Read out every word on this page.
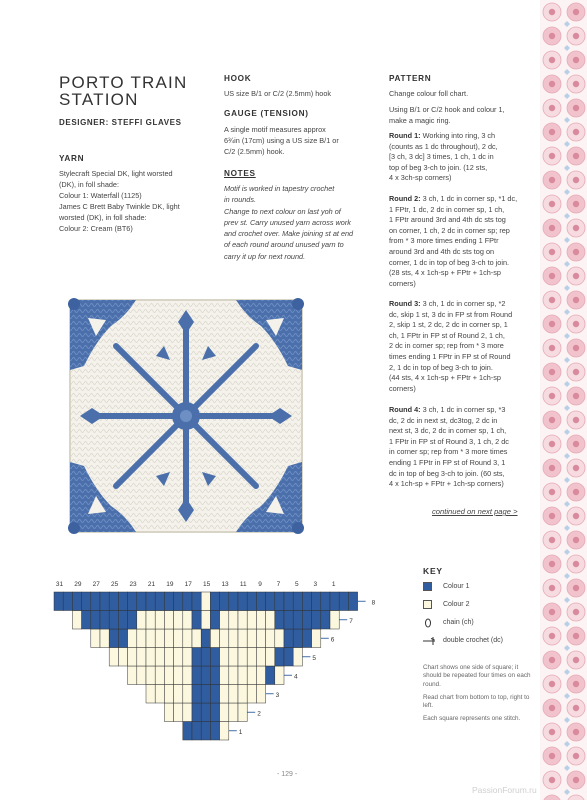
PORTO TRAIN
STATION
DESIGNER: STEFFI GLAVES
YARN
Stylecraft Special DK, light worsted
(DK), in foll shade:
Colour 1: Waterfall (1125)
James C Brett Baby Twinkle DK, light
worsted (DK), in foll shade:
Colour 2: Cream (BT6)
HOOK
US size B/1 or C/2 (2.5mm) hook
GAUGE (TENSION)
A single motif measures approx
6¾in (17cm) using a US size B/1 or
C/2 (2.5mm) hook.
NOTES
Motif is worked in tapestry crochet
in rounds.
Change to next colour on last yoh of
prev st. Carry unused yarn across work
and crochet over. Make joining st at end
of each round around unused yarn to
carry it up for next round.
PATTERN
Change colour foll chart.
Using B/1 or C/2 hook and colour 1,
make a magic ring.
Round 1: Working into ring, 3 ch
(counts as 1 dc throughout), 2 dc,
[3 ch, 3 dc] 3 times, 1 ch, 1 dc in
top of beg 3-ch to join. (12 sts,
4 x 3ch-sp corners)
Round 2: 3 ch, 1 dc in corner sp, *1 dc,
1 FPtr, 1 dc, 2 dc in corner sp, 1 ch,
1 FPtr around 3rd and 4th dc sts tog
on corner, 1 ch, 2 dc in corner sp; rep
from * 3 more times ending 1 FPtr
around 3rd and 4th dc sts tog on
corner, 1 dc in top of beg 3-ch to join.
(28 sts, 4 x 1ch-sp + FPtr + 1ch-sp
corners)
Round 3: 3 ch, 1 dc in corner sp, *2
dc, skip 1 st, 3 dc in FP st from Round
2, skip 1 st, 2 dc, 2 dc in corner sp, 1
ch, 1 FPtr in FP st of Round 2, 1 ch,
2 dc in corner sp; rep from * 3 more
times ending 1 FPtr in FP st of Round
2, 1 dc in top of beg 3-ch to join.
(44 sts, 4 x 1ch-sp + FPtr + 1ch-sp
corners)
Round 4: 3 ch, 1 dc in corner sp, *3
dc, 2 dc in next st, dc3tog, 2 dc in
next st, 3 dc, 2 dc in corner sp, 1 ch,
1 FPtr in FP st of Round 3, 1 ch, 2 dc
in corner sp; rep from * 3 more times
ending 1 FPtr in FP st of Round 3, 1
dc in top of beg 3-ch to join. (60 sts,
4 x 1ch-sp + FPtr + 1ch-sp corners)
continued on next page >
1
2
3
4
5
6
7
8
31 29 27 25 23 21 19 17 15 13 11 9 7 5 3 1
KEY
Colour 1
Colour 2
chain (ch)
double crochet (dc)
Chart shows one side of square; it should be repeated four times on each round.
Read chart from bottom to top, right to left.
Each square represents one stitch.
- 129 -
PassionForum.ru
